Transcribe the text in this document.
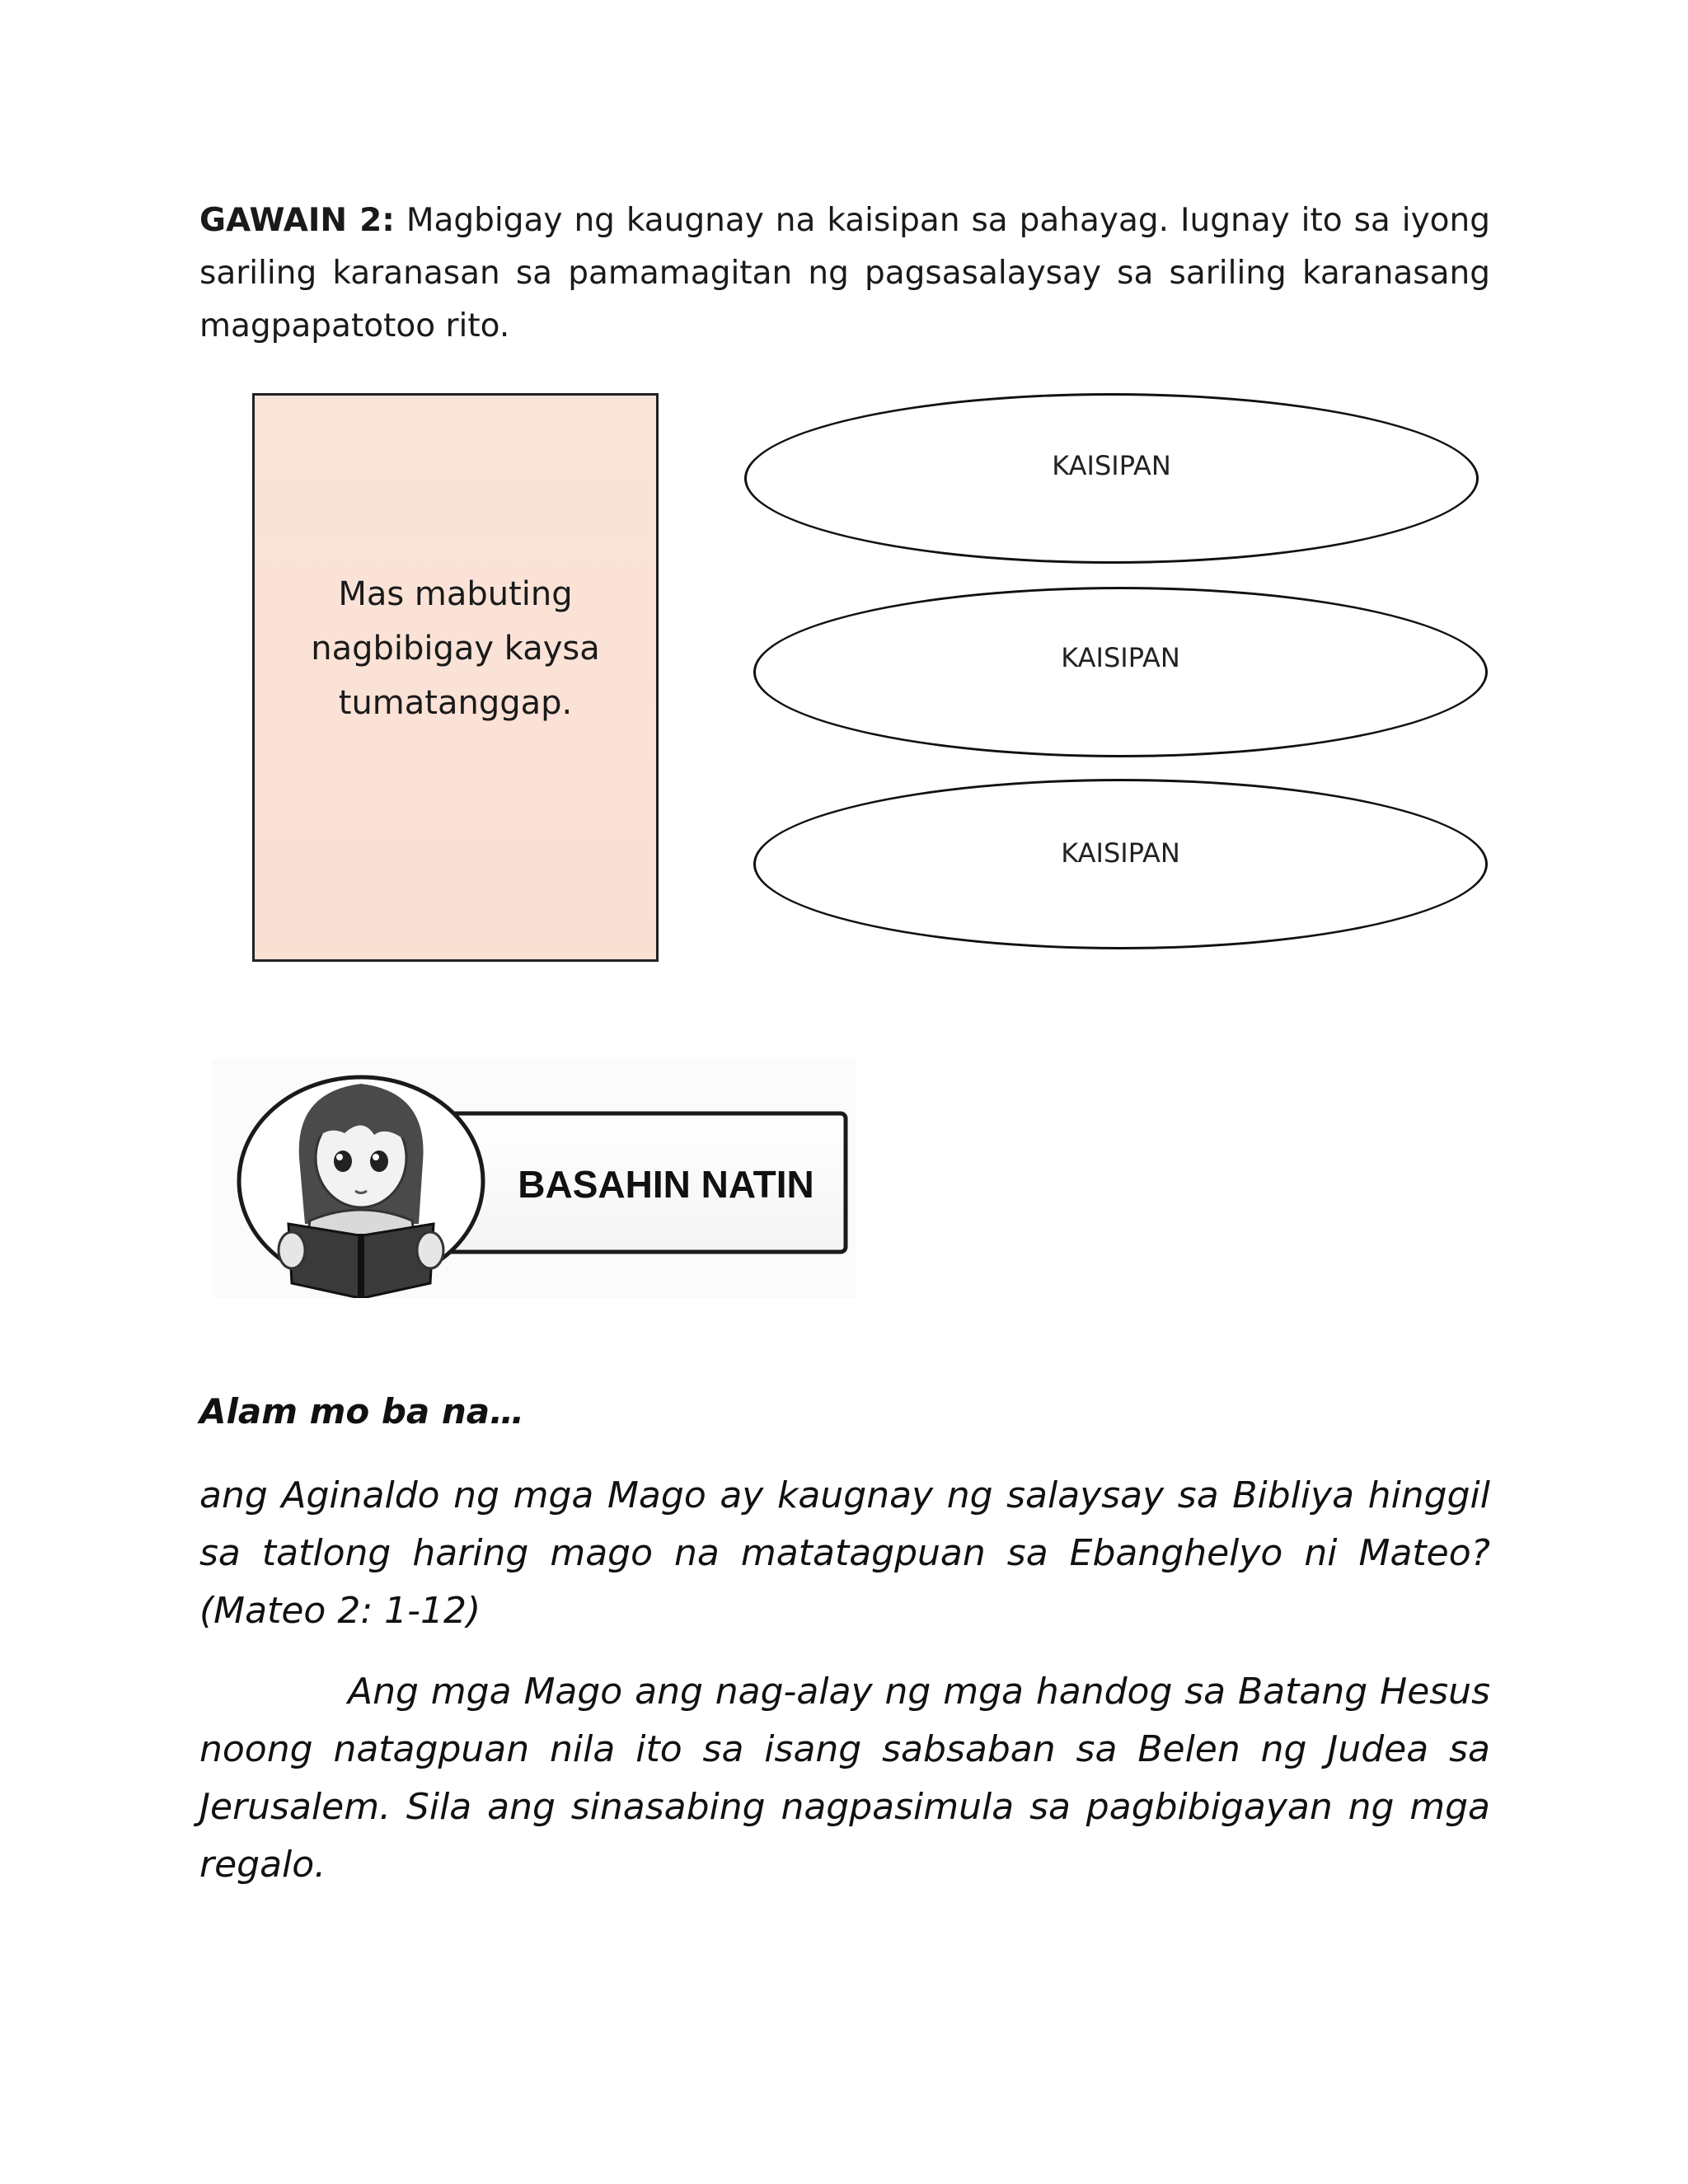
GAWAIN 2: Magbigay ng kaugnay na kaisipan sa pahayag. Iugnay ito sa iyong sariling karanasan sa pamamagitan ng pagsasalaysay sa sariling karanasang magpapatotoo rito.
Mas mabuting nagbibigay kaysa tumatanggap.
KAISIPAN
KAISIPAN
KAISIPAN
BASAHIN NATIN
Alam mo ba na…
ang Aginaldo ng mga Mago ay kaugnay ng salaysay sa Bibliya hinggil sa tatlong haring mago na matatagpuan sa Ebanghelyo ni Mateo? (Mateo 2: 1-12)
Ang mga Mago ang nag-alay ng mga handog sa Batang Hesus noong natagpuan nila ito sa isang sabsaban sa Belen ng Judea sa Jerusalem. Sila ang sinasabing nagpasimula sa pagbibigayan ng mga regalo.
